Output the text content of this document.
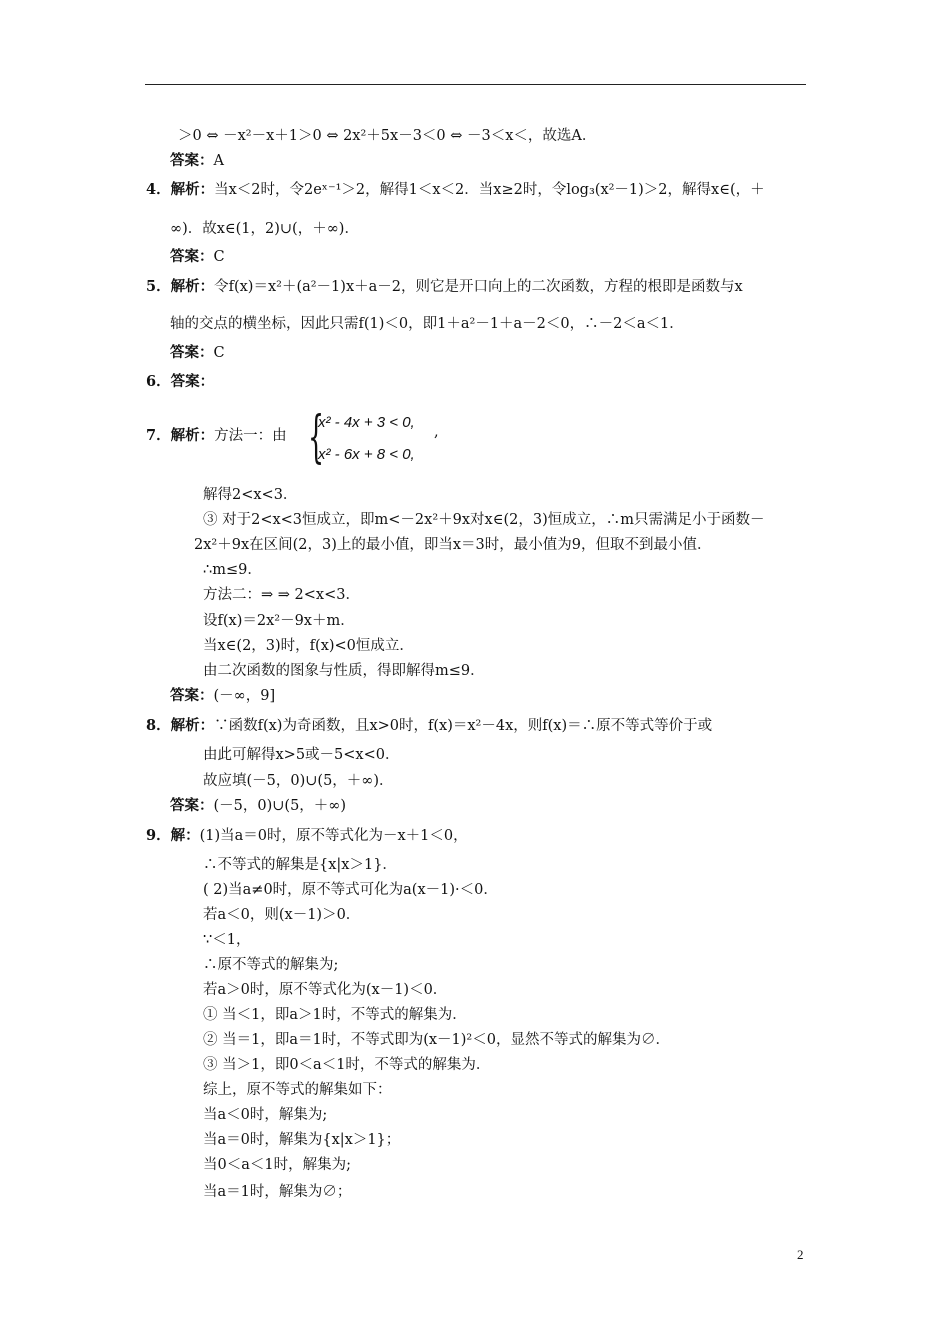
＞0 ⇔ －x²－x＋1＞0 ⇔ 2x²＋5x－3＜0 ⇔ －3＜x＜，故选A．
答案：A
4．解析：当x＜2时，令2eˣ⁻¹＞2，解得1＜x＜2．当x≥2时，令log₃(x²－1)＞2，解得x∈(，＋
∞)．故x∈(1，2)∪(，＋∞)．
答案：C
5．解析：令f(x)＝x²＋(a²－1)x＋a－2，则它是开口向上的二次函数，方程的根即是函数与x
轴的交点的横坐标，因此只需f(1)＜0，即1＋a²－1＋a－2＜0，∴－2＜a＜1．
答案：C
6．答案：
7．解析：方法一：由 {
x² - 4x + 3 < 0,
x² - 6x + 8 < 0,
,
解得2<x<3．
③ 对于2<x<3恒成立，即m<－2x²＋9x对x∈(2，3)恒成立，∴m只需满足小于函数－
2x²＋9x在区间(2，3)上的最小值，即当x＝3时，最小值为9，但取不到最小值．
∴m≤9．
方法二：⇒ ⇒ 2<x<3．
设f(x)＝2x²－9x＋m．
当x∈(2，3)时，f(x)<0恒成立．
由二次函数的图象与性质，得即解得m≤9．
答案：(－∞，9]
8．解析：∵函数f(x)为奇函数，且x>0时，f(x)＝x²－4x，则f(x)＝∴原不等式等价于或
由此可解得x>5或－5<x<0．
故应填(－5，0)∪(5，＋∞)．
答案：(－5，0)∪(5，＋∞)
9．解：(1)当a＝0时，原不等式化为－x＋1＜0，
∴不等式的解集是{x|x＞1}．
( 2)当a≠0时，原不等式可化为a(x－1)·＜0．
若a＜0，则(x－1)＞0．
∵＜1，
∴原不等式的解集为;
若a＞0时，原不等式化为(x－1)＜0．
① 当＜1，即a＞1时，不等式的解集为．
② 当＝1，即a＝1时，不等式即为(x－1)²＜0，显然不等式的解集为∅．
③ 当＞1，即0＜a＜1时，不等式的解集为．
综上，原不等式的解集如下：
当a＜0时，解集为;
当a＝0时，解集为{x|x＞1}；
当0＜a＜1时，解集为;
当a＝1时，解集为∅；
2
